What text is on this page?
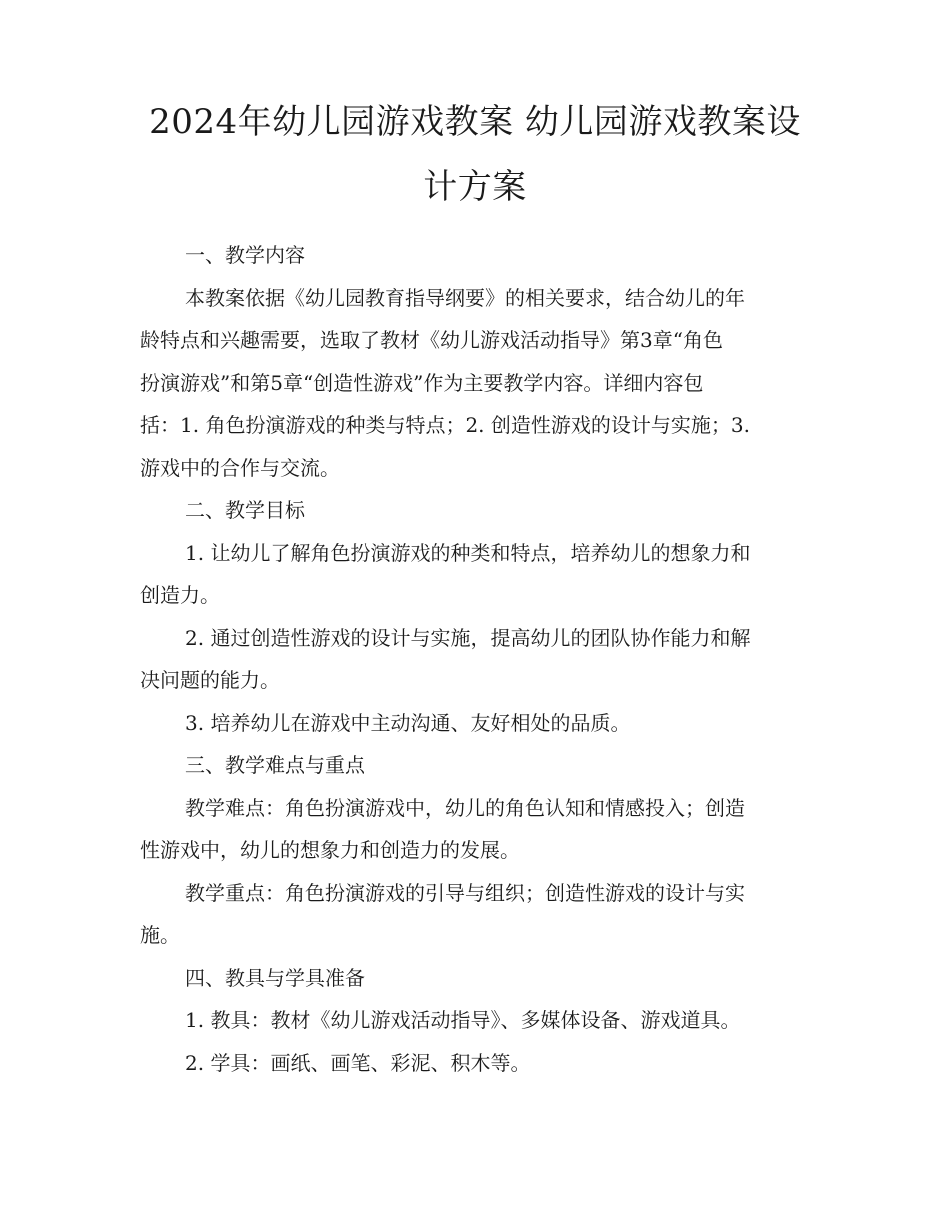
2024年幼儿园游戏教案 幼儿园游戏教案设
计方案
一、教学内容
本教案依据《幼儿园教育指导纲要》的相关要求，结合幼儿的年
龄特点和兴趣需要，选取了教材《幼儿游戏活动指导》第3章“角色
扮演游戏”和第5章“创造性游戏”作为主要教学内容。详细内容包
括：1. 角色扮演游戏的种类与特点；2. 创造性游戏的设计与实施；3.
游戏中的合作与交流。
二、教学目标
1. 让幼儿了解角色扮演游戏的种类和特点，培养幼儿的想象力和
创造力。
2. 通过创造性游戏的设计与实施，提高幼儿的团队协作能力和解
决问题的能力。
3. 培养幼儿在游戏中主动沟通、友好相处的品质。
三、教学难点与重点
教学难点：角色扮演游戏中，幼儿的角色认知和情感投入；创造
性游戏中，幼儿的想象力和创造力的发展。
教学重点：角色扮演游戏的引导与组织；创造性游戏的设计与实
施。
四、教具与学具准备
1. 教具：教材《幼儿游戏活动指导》、多媒体设备、游戏道具。
2. 学具：画纸、画笔、彩泥、积木等。
